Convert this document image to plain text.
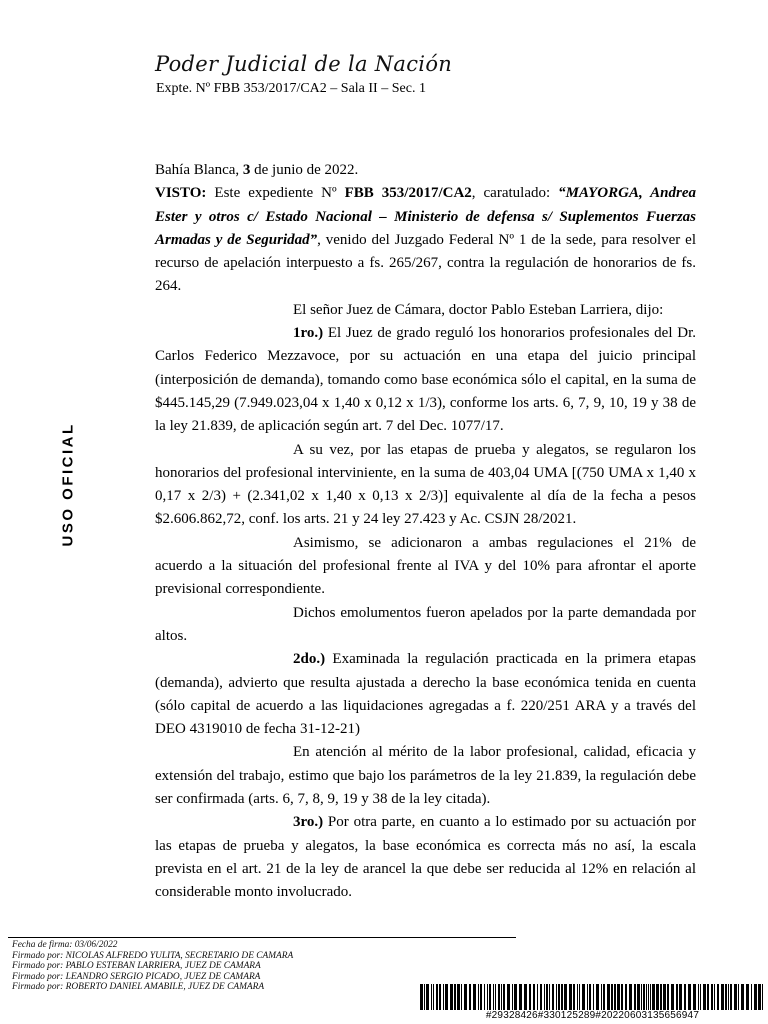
Poder Judicial de la Nación
Expte. Nº FBB 353/2017/CA2 – Sala II – Sec. 1
USO OFICIAL

Bahía Blanca, 3 de junio de 2022.

VISTO: Este expediente Nº FBB 353/2017/CA2, caratulado: “MAYORGA, Andrea Ester y otros c/ Estado Nacional – Ministerio de defensa s/ Suplementos Fuerzas Armadas y de Seguridad”, venido del Juzgado Federal Nº 1 de la sede, para resolver el recurso de apelación interpuesto a fs. 265/267, contra la regulación de honorarios de fs. 264.

El señor Juez de Cámara, doctor Pablo Esteban Larriera, dijo:

1ro.) El Juez de grado reguló los honorarios profesionales del Dr. Carlos Federico Mezzavoce, por su actuación en una etapa del juicio principal (interposición de demanda), tomando como base económica sólo el capital, en la suma de $445.145,29 (7.949.023,04 x 1,40 x 0,12 x 1/3), conforme los arts. 6, 7, 9, 10, 19 y 38 de la ley 21.839, de aplicación según art. 7 del Dec. 1077/17.

A su vez, por las etapas de prueba y alegatos, se regularon los honorarios del profesional interviniente, en la suma de 403,04 UMA [(750 UMA x 1,40 x 0,17 x 2/3) + (2.341,02 x 1,40 x 0,13 x 2/3)] equivalente al día de la fecha a pesos $2.606.862,72, conf. los arts. 21 y 24 ley 27.423 y Ac. CSJN 28/2021.

Asimismo, se adicionaron a ambas regulaciones el 21% de acuerdo a la situación del profesional frente al IVA y del 10% para afrontar el aporte previsional correspondiente.

Dichos emolumentos fueron apelados por la parte demandada por altos.

2do.) Examinada la regulación practicada en la primera etapas (demanda), advierto que resulta ajustada a derecho la base económica tenida en cuenta (sólo capital de acuerdo a las liquidaciones agregadas a f. 220/251 ARA y a través del DEO 4319010 de fecha 31-12-21)

En atención al mérito de la labor profesional, calidad, eficacia y extensión del trabajo, estimo que bajo los parámetros de la ley 21.839, la regulación debe ser confirmada (arts. 6, 7, 8, 9, 19 y 38 de la ley citada).

3ro.) Por otra parte, en cuanto a lo estimado por su actuación por las etapas de prueba y alegatos, la base económica es correcta más no así, la escala prevista en el art. 21 de la ley de arancel la que debe ser reducida al 12% en relación al considerable monto involucrado.

Fecha de firma: 03/06/2022
Firmado por: NICOLAS ALFREDO YULITA, SECRETARIO DE CAMARA
Firmado por: PABLO ESTEBAN LARRIERA, JUEZ DE CAMARA
Firmado por: LEANDRO SERGIO PICADO, JUEZ DE CAMARA
Firmado por: ROBERTO DANIEL AMABILE, JUEZ DE CAMARA
#29328426#330125289#20220603135656947
